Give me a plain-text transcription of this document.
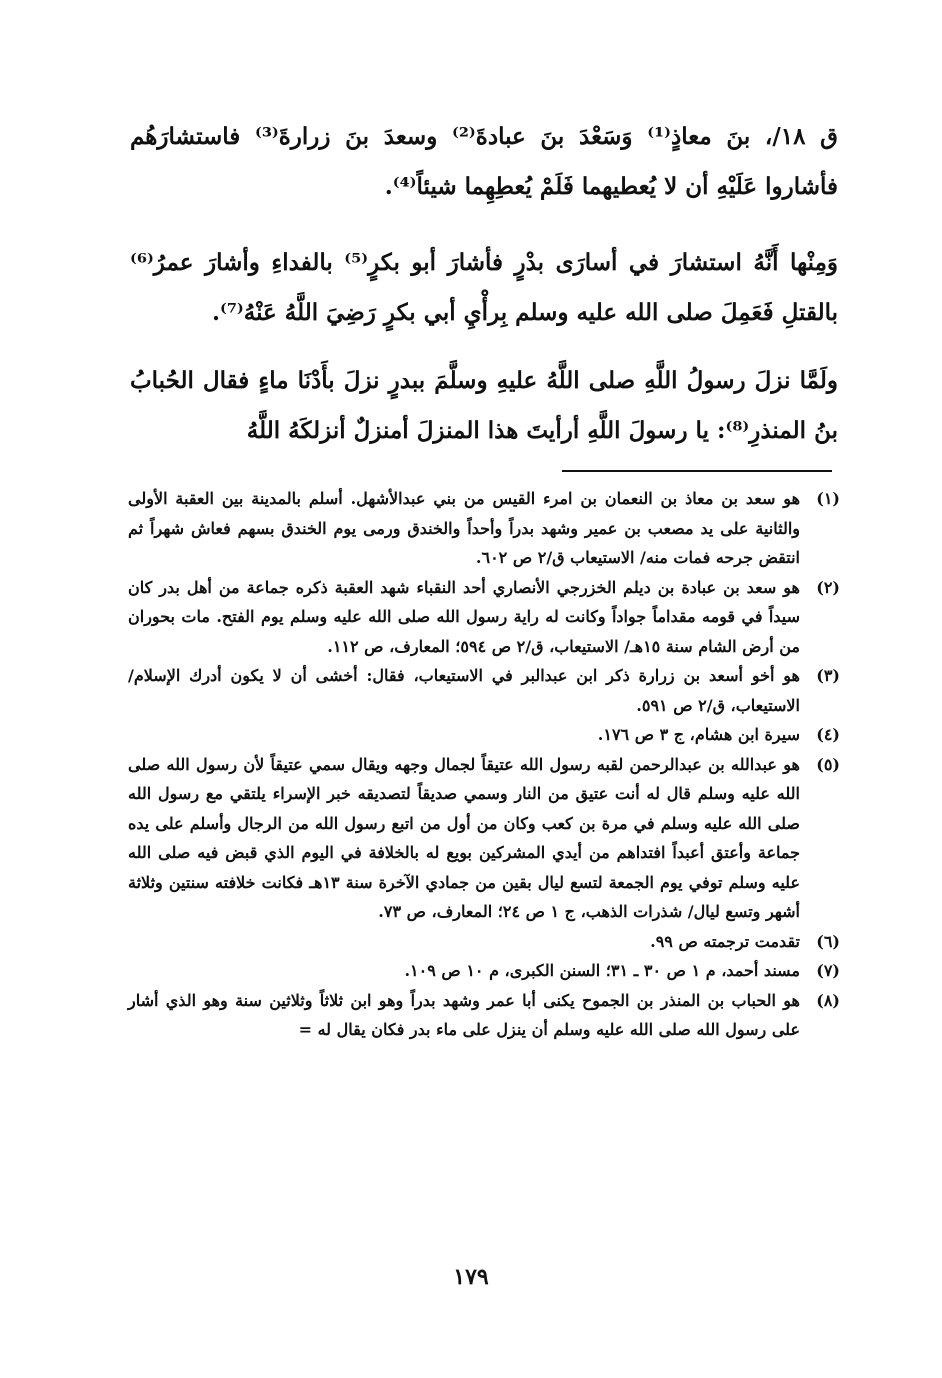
ق ١٨/، بنَ معاذٍ⁽¹⁾ وَسَعْدَ بنَ عبادةَ⁽²⁾ وسعدَ بنَ زرارةَ⁽³⁾ فاستشارَهُم فأشاروا عَلَيْهِ أن لا يُعطيهما فَلَمْ يُعطِهِما شيئاً⁽⁴⁾.

وَمِنْها أَنَّهُ استشارَ في أسارَى بدْرٍ فأشارَ أبو بكرٍ⁽⁵⁾ بالفداءِ وأشارَ عمرُ⁽⁶⁾ بالقتلِ فَعَمِلَ صلى الله عليه وسلم بِرأْيِ أبي بكرٍ رَضِيَ اللَّهُ عَنْهُ⁽⁷⁾.

ولَمَّا نزلَ رسولُ اللَّهِ صلى اللَّهُ عليهِ وسلَّمَ ببدرٍ نزلَ بأَدْنَا ماءٍ فقال الحُبابُ بنُ المنذرِ⁽⁸⁾: يا رسولَ اللَّهِ أرأيتَ هذا المنزلَ أمنزلٌ أنزلكَهُ اللَّهُ

(١)
هو سعد بن معاذ بن النعمان بن امرء القيس من بني عبدالأشهل. أسلم بالمدينة بين العقبة الأولى والثانية على يد مصعب بن عمير وشهد بدراً وأحداً والخندق ورمى يوم الخندق بسهم فعاش شهراً ثم انتقض جرحه فمات منه/ الاستيعاب ق/٢ ص ٦٠٢.
(٢)
هو سعد بن عبادة بن ديلم الخزرجي الأنصاري أحد النقباء شهد العقبة ذكره جماعة من أهل بدر كان سيداً في قومه مقداماً جواداً وكانت له راية رسول الله صلى الله عليه وسلم يوم الفتح. مات بحوران من أرض الشام سنة ١٥هـ/ الاستيعاب، ق/٢ ص ٥٩٤؛ المعارف، ص ١١٢.
(٣)
هو أخو أسعد بن زرارة ذكر ابن عبدالبر في الاستيعاب، فقال: أخشى أن لا يكون أدرك الإسلام/ الاستيعاب، ق/٢ ص ٥٩١.
(٤)
سيرة ابن هشام، ج ٣ ص ١٧٦.
(٥)
هو عبدالله بن عبدالرحمن لقبه رسول الله عتيقاً لجمال وجهه ويقال سمي عتيقاً لأن رسول الله صلى الله عليه وسلم قال له أنت عتيق من النار وسمي صديقاً لتصديقه خبر الإسراء يلتقي مع رسول الله صلى الله عليه وسلم في مرة بن كعب وكان من أول من اتبع رسول الله من الرجال وأسلم على يده جماعة وأعتق أعبداً افتداهم من أيدي المشركين بويع له بالخلافة في اليوم الذي قبض فيه صلى الله عليه وسلم توفي يوم الجمعة لتسع ليال بقين من جمادي الآخرة سنة ١٣هـ فكانت خلافته سنتين وثلاثة أشهر وتسع ليال/ شذرات الذهب، ج ١ ص ٢٤؛ المعارف، ص ٧٣.
(٦)
تقدمت ترجمته ص ٩٩.
(٧)
مسند أحمد، م ١ ص ٣٠ ـ ٣١؛ السنن الكبرى، م ١٠ ص ١٠٩.
(٨)
هو الحباب بن المنذر بن الجموح يكنى أبا عمر وشهد بدراً وهو ابن ثلاثاً وثلاثين سنة وهو الذي أشار على رسول الله صلى الله عليه وسلم أن ينزل على ماء بدر فكان يقال له =
١٧٩
